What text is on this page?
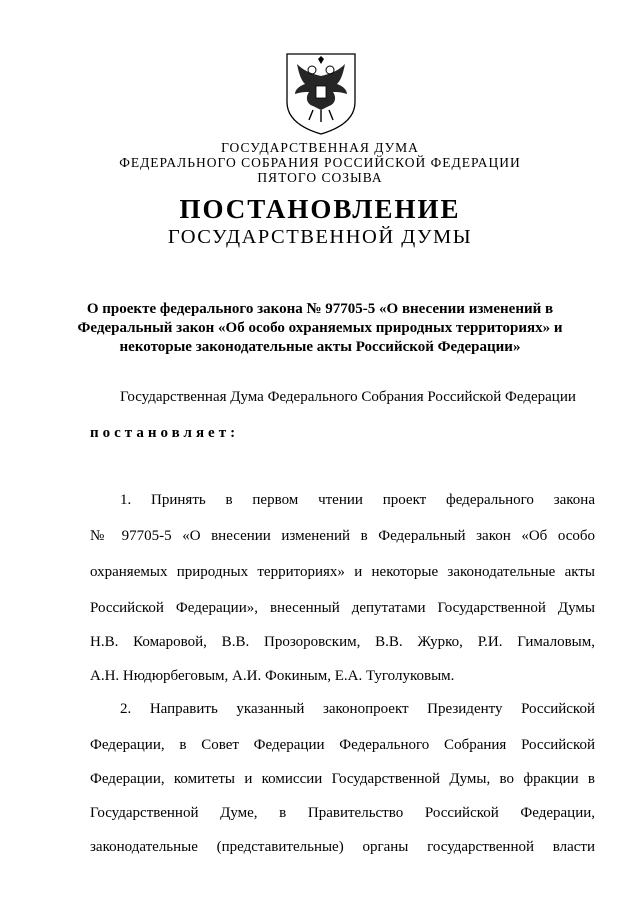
ГОСУДАРСТВЕННАЯ ДУМА
ФЕДЕРАЛЬНОГО СОБРАНИЯ РОССИЙСКОЙ ФЕДЕРАЦИИ
ПЯТОГО СОЗЫВА
ПОСТАНОВЛЕНИЕ
ГОСУДАРСТВЕННОЙ ДУМЫ
О проекте федерального закона № 97705-5 «О внесении изменений в
Федеральный закон «Об особо охраняемых природных территориях» и
некоторые законодательные акты Российской Федерации»
Государственная Дума Федерального Собрания Российской Федерации
постановляет:
1. Принять в первом чтении проект федерального закона
№ 97705-5 «О внесении изменений в Федеральный закон «Об особо
охраняемых природных территориях» и некоторые законодательные акты
Российской Федерации», внесенный депутатами Государственной Думы
Н.В. Комаровой, В.В. Прозоровским, В.В. Журко, Р.И. Гималовым,
А.Н. Нюдюрбеговым, А.И. Фокиным, Е.А. Туголуковым.
2. Направить указанный законопроект Президенту Российской
Федерации, в Совет Федерации Федерального Собрания Российской
Федерации, комитеты и комиссии Государственной Думы, во фракции в
Государственной Думе, в Правительство Российской Федерации,
законодательные (представительные) органы государственной власти
